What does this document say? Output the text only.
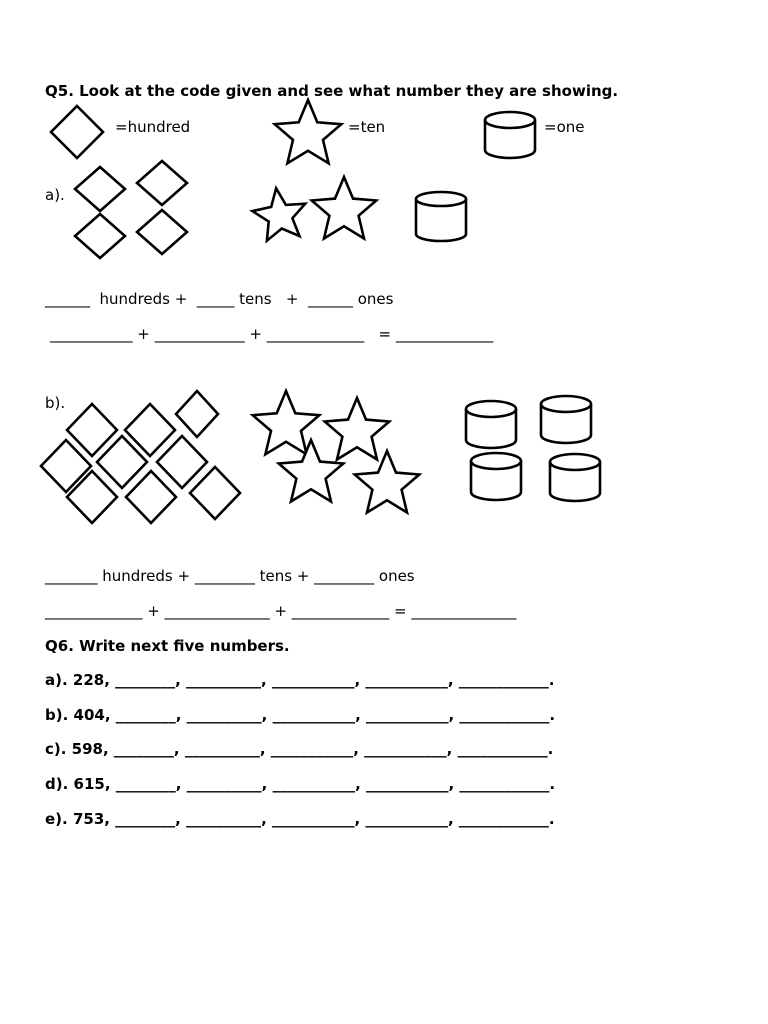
Q5. Look at the code given and see what number they are showing.
=hundred	=ten	=one
a).
______  hundreds +  _____ tens   +  ______ ones
___________ + ____________ + _____________   = _____________
b).
_______ hundreds + ________ tens + ________ ones
_____________ + ______________ + _____________ = ______________
Q6. Write next five numbers.
a). 228, ________, __________, ___________, ___________, ____________.
b). 404, ________, __________, ___________, ___________, ____________.
c). 598, ________, __________, ___________, ___________, ____________.
d). 615, ________, __________, ___________, ___________, ____________.
e). 753, ________, __________, ___________, ___________, ____________.
